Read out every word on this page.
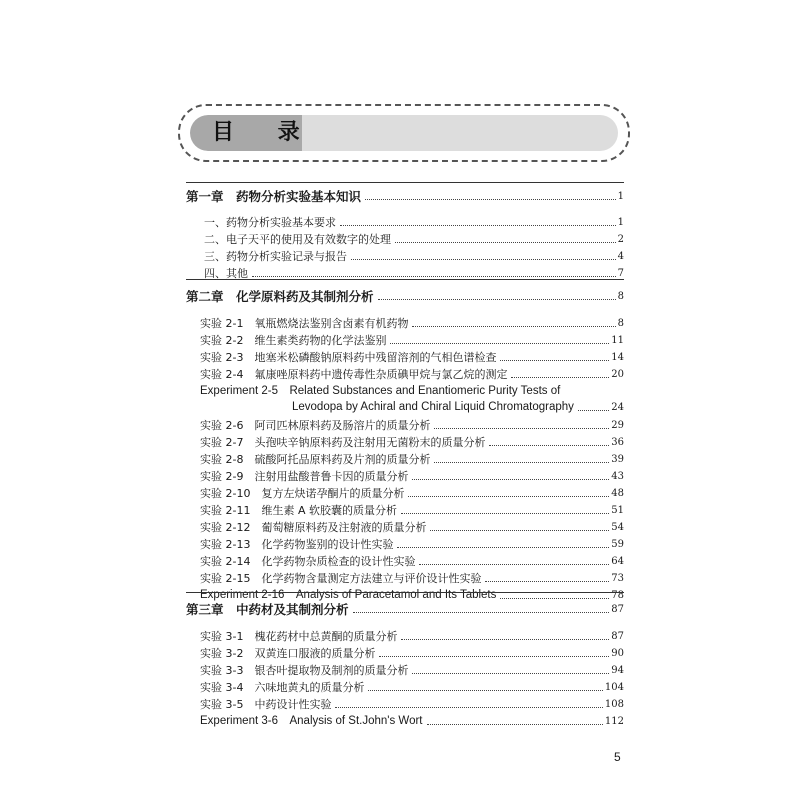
目 录
第一章　药物分析实验基本知识	1
一、药物分析实验基本要求	1
二、电子天平的使用及有效数字的处理	2
三、药物分析实验记录与报告	4
四、其他	7
第二章　化学原料药及其制剂分析	8
实验 2-1　氧瓶燃烧法鉴别含卤素有机药物	8
实验 2-2　维生素类药物的化学法鉴别	11
实验 2-3　地塞米松磷酸钠原料药中残留溶剂的气相色谱检查	14
实验 2-4　氟康唑原料药中遗传毒性杂质碘甲烷与氯乙烷的测定	20
Experiment 2-5　Related Substances and Enantiomeric Purity Tests of
Levodopa by Achiral and Chiral Liquid Chromatography	24
实验 2-6　阿司匹林原料药及肠溶片的质量分析	29
实验 2-7　头孢呋辛钠原料药及注射用无菌粉末的质量分析	36
实验 2-8　硫酸阿托品原料药及片剂的质量分析	39
实验 2-9　注射用盐酸普鲁卡因的质量分析	43
实验 2-10　复方左炔诺孕酮片的质量分析	48
实验 2-11　维生素 A 软胶囊的质量分析	51
实验 2-12　葡萄糖原料药及注射液的质量分析	54
实验 2-13　化学药物鉴别的设计性实验	59
实验 2-14　化学药物杂质检查的设计性实验	64
实验 2-15　化学药物含量测定方法建立与评价设计性实验	73
Experiment 2-16　Analysis of Paracetamol and Its Tablets	78
第三章　中药材及其制剂分析	87
实验 3-1　槐花药材中总黄酮的质量分析	87
实验 3-2　双黄连口服液的质量分析	90
实验 3-3　银杏叶提取物及制剂的质量分析	94
实验 3-4　六味地黄丸的质量分析	104
实验 3-5　中药设计性实验	108
Experiment 3-6　Analysis of St.John's Wort	112
5
